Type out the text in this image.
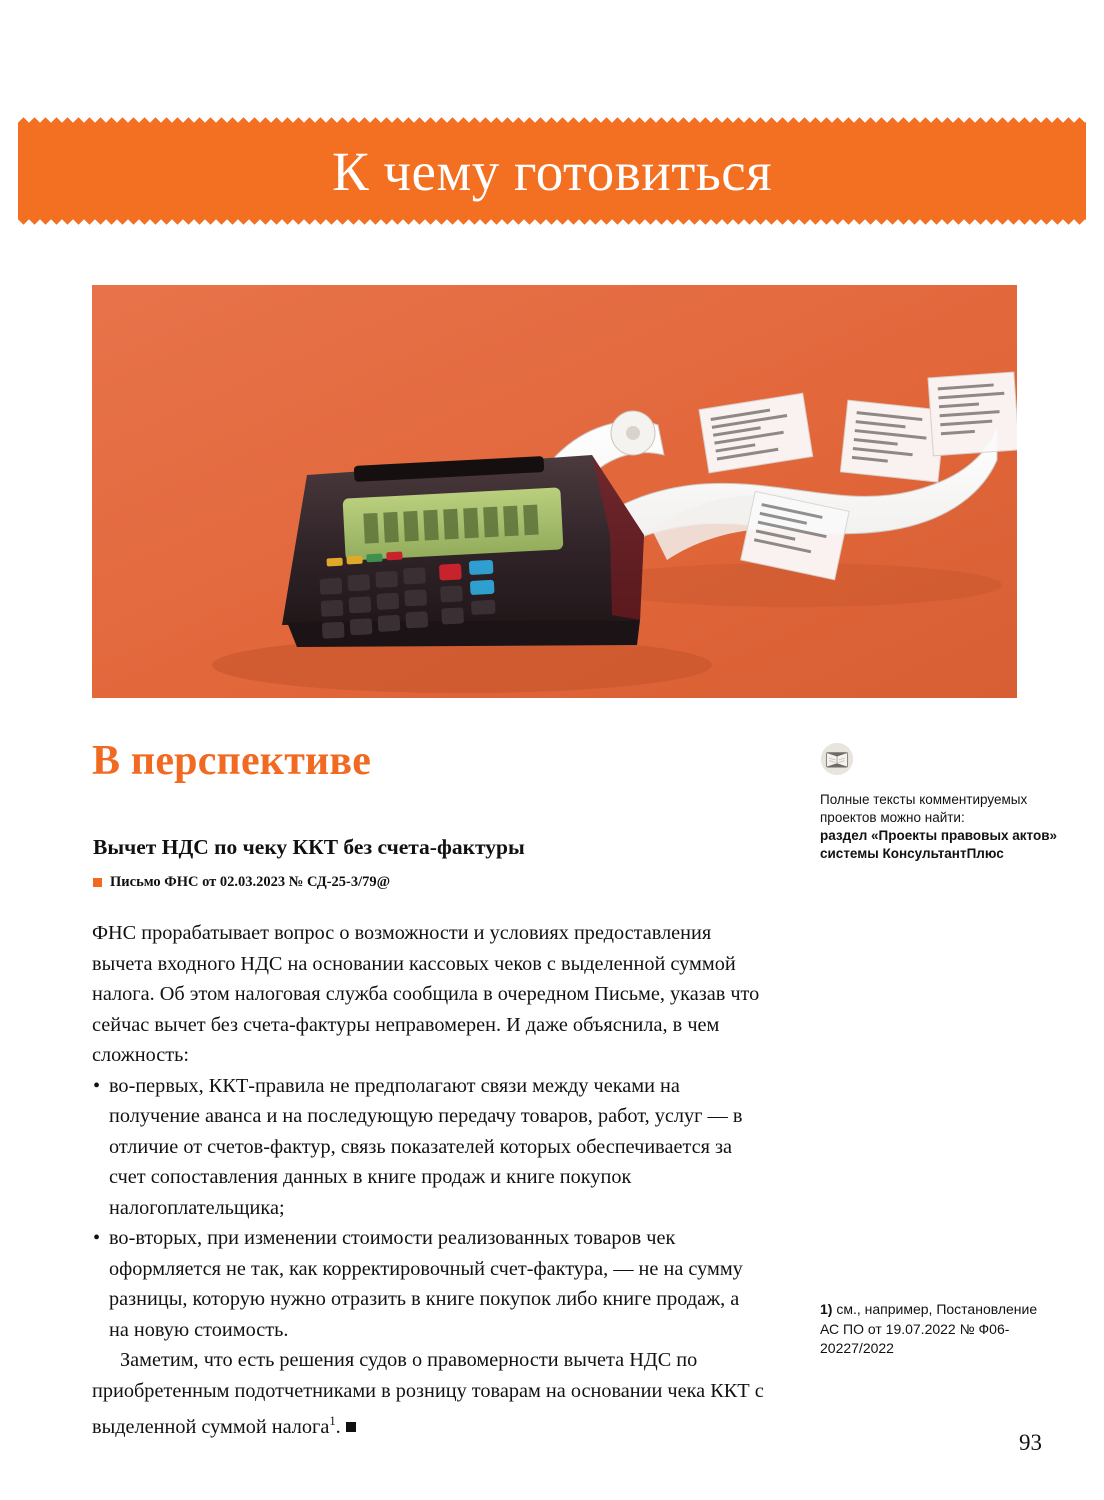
К чему готовиться
В перспективе
Вычет НДС по чеку ККТ без счета-фактуры
Письмо ФНС от 02.03.2023 № СД-25-3/79@

ФНС прорабатывает вопрос о возможности и условиях предоставления вычета входного НДС на основании кассовых чеков с выделенной суммой налога. Об этом налоговая служба сообщила в очередном Письме, указав что сейчас вычет без счета-фактуры неправомерен. И даже объяснила, в чем сложность:

• во-первых, ККТ-правила не предполагают связи между чеками на получение аванса и на последующую передачу товаров, работ, услуг — в отличие от счетов-фактур, связь показателей которых обеспечивается за счет сопоставления данных в книге продаж и книге покупок налогоплательщика;
• во-вторых, при изменении стоимости реализованных товаров чек оформляется не так, как корректировочный счет-фактура, — не на сумму разницы, которую нужно отразить в книге покупок либо книге продаж, а на новую стоимость.

Заметим, что есть решения судов о правомерности вычета НДС по приобретенным подотчетниками в розницу товарам на основании чека ККТ с выделенной суммой налога$^1$.

Полные тексты комментируемых проектов можно найти:
раздел «Проекты правовых актов» системы КонсультантПлюс
1) см., например, Постановление АС ПО от 19.07.2022 № Ф06-20227/2022
93
